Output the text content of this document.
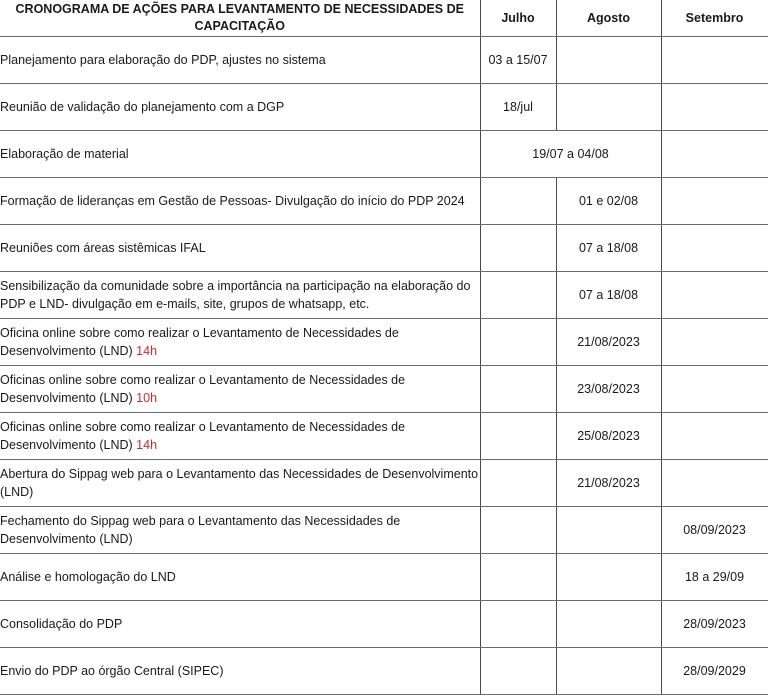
CRONOGRAMA DE AÇÕES PARA LEVANTAMENTO DE NECESSIDADES DE CAPACITAÇÃO	Julho	Agosto	Setembro
Planejamento para elaboração do PDP, ajustes no sistema	03 a 15/07		
Reunião de validação do planejamento com a DGP	18/jul		
Elaboração de material	19/07 a 04/08		
Formação de lideranças em Gestão de Pessoas- Divulgação do início do PDP 2024		01 e 02/08	
Reuniões com áreas sistêmicas IFAL		07 a 18/08	
Sensibilização da comunidade sobre a importância na participação na elaboração do PDP e LND- divulgação em e-mails, site, grupos de whatsapp, etc.		07 a 18/08	
Oficina online sobre como realizar o Levantamento de Necessidades de Desenvolvimento (LND) 14h		21/08/2023	
Oficinas online sobre como realizar o Levantamento de Necessidades de Desenvolvimento (LND) 10h		23/08/2023	
Oficinas online sobre como realizar o Levantamento de Necessidades de Desenvolvimento (LND) 14h		25/08/2023	
Abertura do Sippag web para o Levantamento das Necessidades de Desenvolvimento (LND)		21/08/2023	
Fechamento do Sippag web para o Levantamento das Necessidades de Desenvolvimento (LND)			08/09/2023
Análise e homologação do LND			18 a 29/09
Consolidação do PDP			28/09/2023
Envio do PDP ao órgão Central (SIPEC)			28/09/2029
